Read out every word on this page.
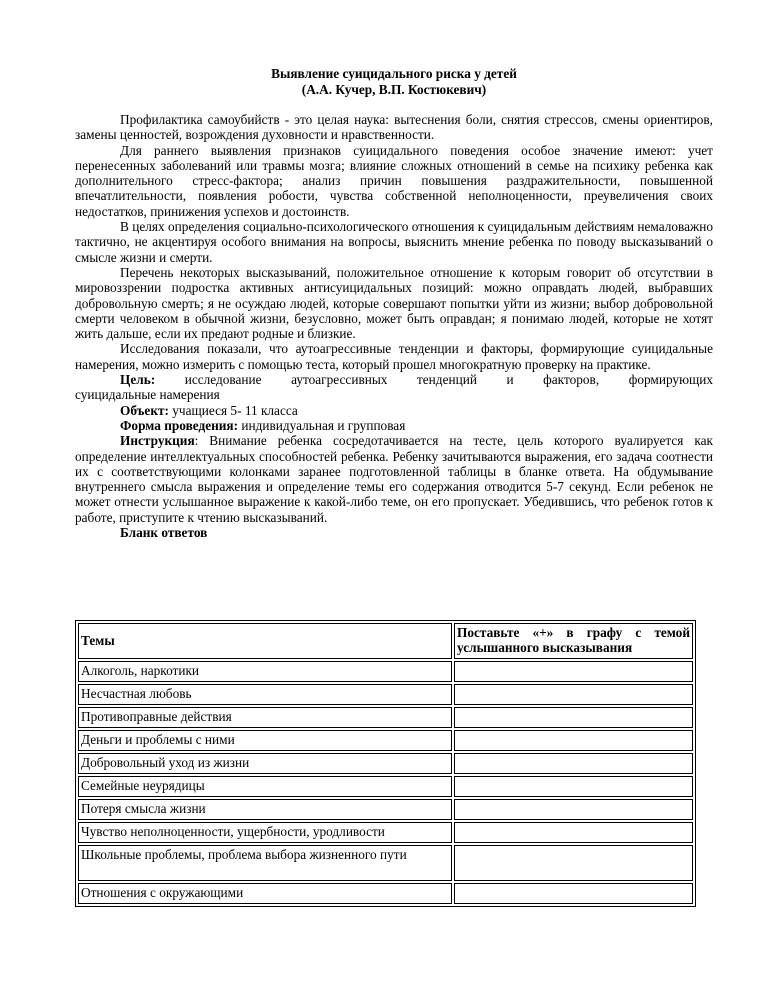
Выявление суицидального риска у детей
(А.А. Кучер, В.П. Костюкевич)

Профилактика самоубийств - это целая наука: вытеснения боли, снятия стрессов, смены ориентиров, замены ценностей, возрождения духовности и нравственности.

Для раннего выявления признаков суицидального поведения особое значение имеют: учет перенесенных заболеваний или травмы мозга; влияние сложных отношений в семье на психику ребенка как дополнительного стресс-фактора; анализ причин повышения раздражительности, повышенной впечатлительности, появления робости, чувства собственной неполноценности, преувеличения своих недостатков, принижения успехов и достоинств.

В целях определения социально-психологического отношения к суицидальным действиям немаловажно тактично, не акцентируя особого внимания на вопросы, выяснить мнение ребенка по поводу высказываний о смысле жизни и смерти.

Перечень некоторых высказываний, положительное отношение к которым говорит об отсутствии в мировоззрении подростка активных антисуицидальных позиций: можно оправдать людей, выбравших добровольную смерть; я не осуждаю людей, которые совершают попытки уйти из жизни; выбор добровольной смерти человеком в обычной жизни, безусловно, может быть оправдан; я понимаю людей, которые не хотят жить дальше, если их предают родные и близкие.

Исследования показали, что аутоагрессивные тенденции и факторы, формирующие суицидальные намерения, можно измерить с помощью теста, который прошел многократную проверку на практике.

Цель: исследование аутоагрессивных тенденций и факторов, формирующих

суицидальные намерения

Объект: учащиеся 5- 11 класса

Форма проведения: индивидуальная и групповая

Инструкция: Внимание ребенка сосредотачивается на тесте, цель которого вуалируется как определение интеллектуальных способностей ребенка. Ребенку зачитываются выражения, его задача соотнести их с соответствующими колонками заранее подготовленной таблицы в бланке ответа. На обдумывание внутреннего смысла выражения и определение темы его содержания отводится 5-7 секунд. Если ребенок не может отнести услышанное выражение к какой-либо теме, он его пропускает. Убедившись, что ребенок готов к работе, приступите к чтению высказываний.

Бланк ответов
Темы	Поставьте «+» в графу с темой услышанного высказывания
Алкоголь, наркотики	
Несчастная любовь	
Противоправные действия	
Деньги и проблемы с ними	
Добровольный уход из жизни	
Семейные неурядицы	
Потеря смысла жизни	
Чувство неполноценности, ущербности, уродливости	
Школьные проблемы, проблема выбора жизненного пути	
Отношения с окружающими	
